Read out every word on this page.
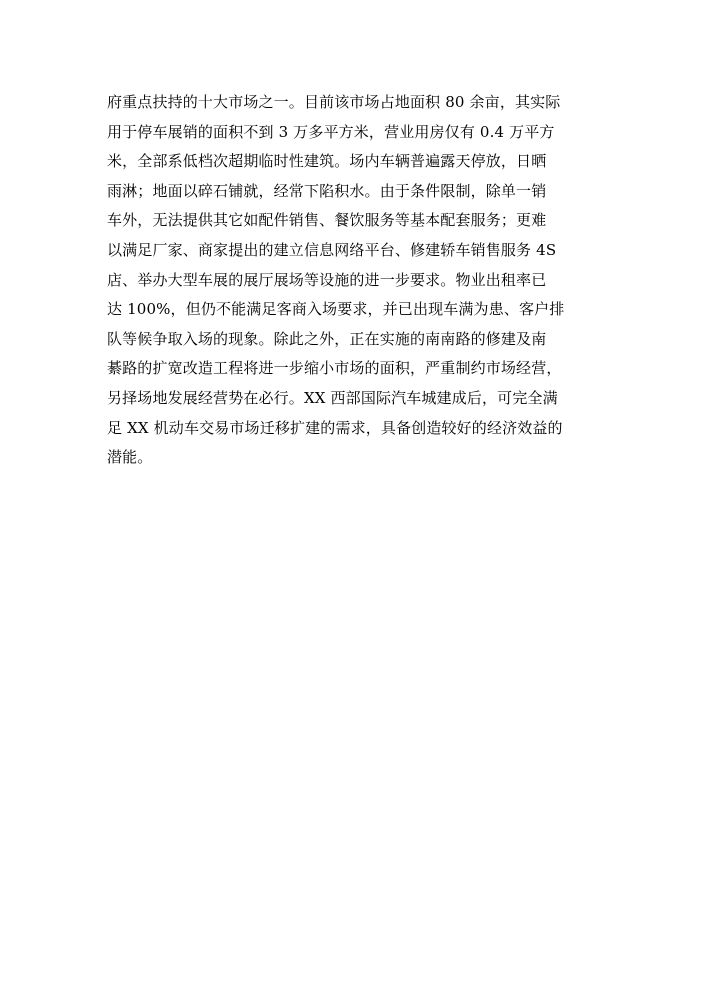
府重点扶持的十大市场之一。目前该市场占地面积 80 余亩，其实际
用于停车展销的面积不到 3 万多平方米，营业用房仅有 0.4 万平方
米，全部系低档次超期临时性建筑。场内车辆普遍露天停放，日晒
雨淋；地面以碎石铺就，经常下陷积水。由于条件限制，除单一销
车外，无法提供其它如配件销售、餐饮服务等基本配套服务；更难
以满足厂家、商家提出的建立信息网络平台、修建轿车销售服务 4S
店、举办大型车展的展厅展场等设施的进一步要求。物业出租率已
达 100%，但仍不能满足客商入场要求，并已出现车满为患、客户排
队等候争取入场的现象。除此之外，正在实施的南南路的修建及南
綦路的扩宽改造工程将进一步缩小市场的面积，严重制约市场经营，
另择场地发展经营势在必行。XX 西部国际汽车城建成后，可完全满
足 XX 机动车交易市场迁移扩建的需求，具备创造较好的经济效益的
潜能。
